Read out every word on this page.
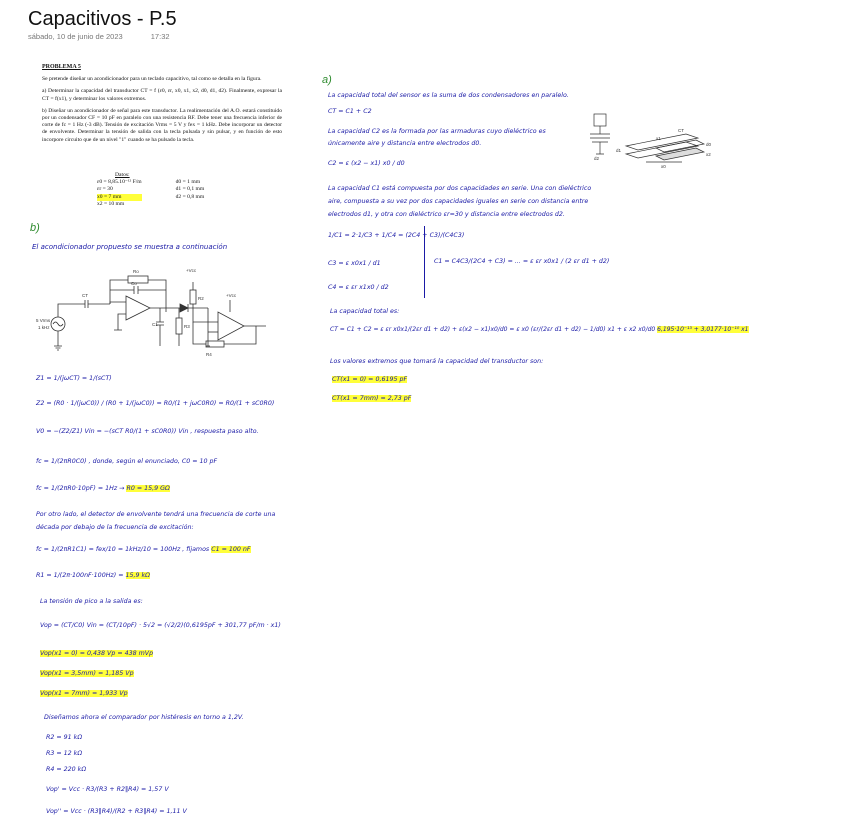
Capacitivos - P.5
sábado, 10 de junio de 2023	17:32

PROBLEMA 5

Se pretende diseñar un acondicionador para un teclado capacitivo, tal como se detalla en la figura.

a) Determinar la capacidad del transductor CT = f (ε0, εr, x0, x1, x2, d0, d1, d2). Finalmente, expresar la CT = f(x1), y determinar los valores extremos.

b) Diseñar un acondicionador de señal para este transductor. La realimentación del A.O. estará constituido por un condensador CF = 10 pF en paralelo con una resistencia RF. Debe tener una frecuencia inferior de corte de fc = 1 Hz (-3 dB). Tensión de excitación Vrms = 5 V y fex = 1 kHz. Debe incorporar un detector de envolvente. Determinar la tensión de salida con la tecla pulsada y sin pulsar, y en función de esto incorpore circuito que de un nivel "1" cuando se ha pulsado la tecla.

Datos:
ε0 = 8,85.10⁻¹² F/m
εr = 30
x0 = 7 mm
x2 = 10 mm
d0 = 1 mm
d1 = 0,1 mm
d2 = 0,8 mm
b)
El acondicionador propuesto se muestra a continuación
5 Vrms
1 kHz
Ro
Co
+Vcc
R2
C1	R3
R4
+Vcc
CT
Z1 = 1/(jωCT) = 1/(sCT)
Z2 = (R0 · 1/(jωC0)) / (R0 + 1/(jωC0)) = R0/(1 + jωC0R0) = R0/(1 + sC0R0)
V0 = −(Z2/Z1) Vin = −(sCT R0/(1 + sC0R0)) Vin , respuesta paso alto.
fc = 1/(2πR0C0) , donde, según el enunciado, C0 = 10 pF
fc = 1/(2πR0·10pF) = 1Hz → R0 = 15,9 GΩ
Por otro lado, el detector de envolvente tendrá una frecuencia de corte una década por debajo de la frecuencia de excitación:
fc = 1/(2πR1C1) = fex/10 = 1kHz/10 = 100Hz , fijamos C1 = 100 nF
R1 = 1/(2π·100nF·100Hz) = 15,9 kΩ
La tensión de pico a la salida es:
Vop = (CT/C0) Vin = (CT/10pF) · 5√2 = (√2/2)(0,6195pF + 301,77 pF/m · x1)
Vop(x1 = 0) = 0,438 Vp = 438 mVp
Vop(x1 = 3,5mm) = 1,185 Vp
Vop(x1 = 7mm) = 1,933 Vp
Diseñamos ahora el comparador por histéresis en torno a 1,2V.
R2 = 91 kΩ
R3 = 12 kΩ
R4 = 220 kΩ
Vop' = Vcc · R3/(R3 + R2‖R4) = 1,57 V
Vop'' = Vcc · (R3‖R4)/(R2 + R3‖R4) = 1,11 V
a)
La capacidad total del sensor es la suma de dos condensadores en paralelo.
CT = C1 + C2
La capacidad C2 es la formada por las armaduras cuyo dieléctrico es únicamente aire y distancia entre electrodos d0.
C2 = ε (x2 − x1) x0 / d0
La capacidad C1 está compuesta por dos capacidades en serie. Una con dieléctrico aire, compuesta a su vez por dos capacidades iguales en serie con distancia entre electrodos d1, y otra con dieléctrico εr=30 y distancia entre electrodos d2.
CT
x1
x0
x2
d0
d1
d2
1/C1 = 2·1/C3 + 1/C4 = (2C4 + C3)/(C4C3)
C3 = ε x0x1 / d1
C4 = ε εr x1x0 / d2
C1 = C4C3/(2C4 + C3) = ... = ε εr x0x1 / (2 εr d1 + d2)
La capacidad total es:
CT = C1 + C2 = ε εr x0x1/(2εr d1 + d2) + ε(x2 − x1)x0/d0 = ε x0 (εr/(2εr d1 + d2) − 1/d0) x1 + ε x2 x0/d0 6,195·10⁻¹³ + 3,0177·10⁻¹⁰ x1
Los valores extremos que tomará la capacidad del transductor son:
CT(x1 = 0) = 0,6195 pF
CT(x1 = 7mm) = 2,73 pF
